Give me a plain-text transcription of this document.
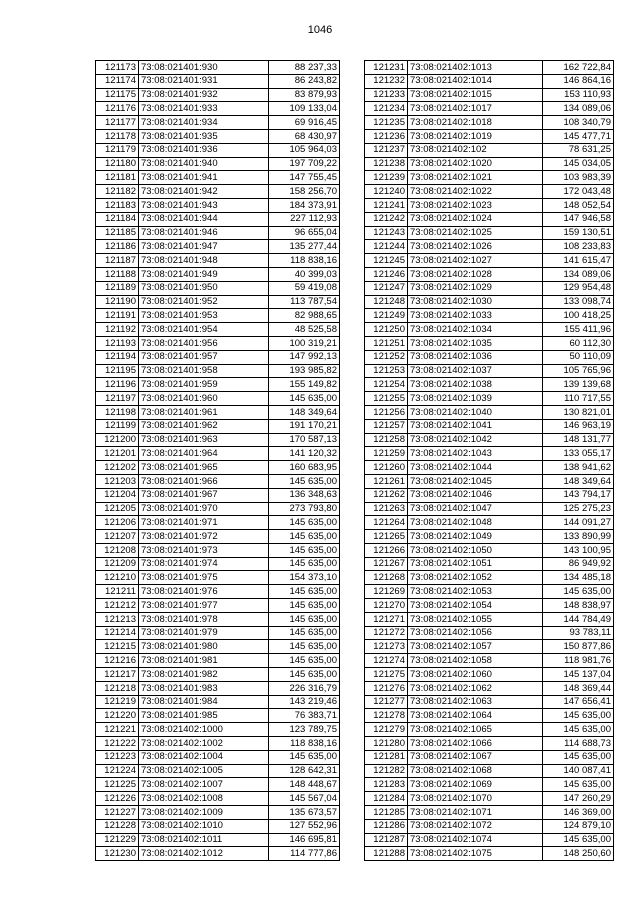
1046
121173	73:08:021401:930	88 237,33
121174	73:08:021401:931	86 243,82
121175	73:08:021401:932	83 879,93
121176	73:08:021401:933	109 133,04
121177	73:08:021401:934	69 916,45
121178	73:08:021401:935	68 430,97
121179	73:08:021401:936	105 964,03
121180	73:08:021401:940	197 709,22
121181	73:08:021401:941	147 755,45
121182	73:08:021401:942	158 256,70
121183	73:08:021401:943	184 373,91
121184	73:08:021401:944	227 112,93
121185	73:08:021401:946	96 655,04
121186	73:08:021401:947	135 277,44
121187	73:08:021401:948	118 838,16
121188	73:08:021401:949	40 399,03
121189	73:08:021401:950	59 419,08
121190	73:08:021401:952	113 787,54
121191	73:08:021401:953	82 988,65
121192	73:08:021401:954	48 525,58
121193	73:08:021401:956	100 319,21
121194	73:08:021401:957	147 992,13
121195	73:08:021401:958	193 985,82
121196	73:08:021401:959	155 149,82
121197	73:08:021401:960	145 635,00
121198	73:08:021401:961	148 349,64
121199	73:08:021401:962	191 170,21
121200	73:08:021401:963	170 587,13
121201	73:08:021401:964	141 120,32
121202	73:08:021401:965	160 683,95
121203	73:08:021401:966	145 635,00
121204	73:08:021401:967	136 348,63
121205	73:08:021401:970	273 793,80
121206	73:08:021401:971	145 635,00
121207	73:08:021401:972	145 635,00
121208	73:08:021401:973	145 635,00
121209	73:08:021401:974	145 635,00
121210	73:08:021401:975	154 373,10
121211	73:08:021401:976	145 635,00
121212	73:08:021401:977	145 635,00
121213	73:08:021401:978	145 635,00
121214	73:08:021401:979	145 635,00
121215	73:08:021401:980	145 635,00
121216	73:08:021401:981	145 635,00
121217	73:08:021401:982	145 635,00
121218	73:08:021401:983	226 316,79
121219	73:08:021401:984	143 219,46
121220	73:08:021401:985	76 383,71
121221	73:08:021402:1000	123 789,75
121222	73:08:021402:1002	118 838,16
121223	73:08:021402:1004	145 635,00
121224	73:08:021402:1005	128 642,31
121225	73:08:021402:1007	148 448,67
121226	73:08:021402:1008	145 567,04
121227	73:08:021402:1009	135 673,57
121228	73:08:021402:1010	127 552,96
121229	73:08:021402:1011	146 695,81
121230	73:08:021402:1012	114 777,86
121231	73:08:021402:1013	162 722,84
121232	73:08:021402:1014	146 864,16
121233	73:08:021402:1015	153 110,93
121234	73:08:021402:1017	134 089,06
121235	73:08:021402:1018	108 340,79
121236	73:08:021402:1019	145 477,71
121237	73:08:021402:102	78 631,25
121238	73:08:021402:1020	145 034,05
121239	73:08:021402:1021	103 983,39
121240	73:08:021402:1022	172 043,48
121241	73:08:021402:1023	148 052,54
121242	73:08:021402:1024	147 946,58
121243	73:08:021402:1025	159 130,51
121244	73:08:021402:1026	108 233,83
121245	73:08:021402:1027	141 615,47
121246	73:08:021402:1028	134 089,06
121247	73:08:021402:1029	129 954,48
121248	73:08:021402:1030	133 098,74
121249	73:08:021402:1033	100 418,25
121250	73:08:021402:1034	155 411,96
121251	73:08:021402:1035	60 112,30
121252	73:08:021402:1036	50 110,09
121253	73:08:021402:1037	105 765,96
121254	73:08:021402:1038	139 139,68
121255	73:08:021402:1039	110 717,55
121256	73:08:021402:1040	130 821,01
121257	73:08:021402:1041	146 963,19
121258	73:08:021402:1042	148 131,77
121259	73:08:021402:1043	133 055,17
121260	73:08:021402:1044	138 941,62
121261	73:08:021402:1045	148 349,64
121262	73:08:021402:1046	143 794,17
121263	73:08:021402:1047	125 275,23
121264	73:08:021402:1048	144 091,27
121265	73:08:021402:1049	133 890,99
121266	73:08:021402:1050	143 100,95
121267	73:08:021402:1051	86 949,92
121268	73:08:021402:1052	134 485,18
121269	73:08:021402:1053	145 635,00
121270	73:08:021402:1054	148 838,97
121271	73:08:021402:1055	144 784,49
121272	73:08:021402:1056	93 783,11
121273	73:08:021402:1057	150 877,86
121274	73:08:021402:1058	118 981,76
121275	73:08:021402:1060	145 137,04
121276	73:08:021402:1062	148 369,44
121277	73:08:021402:1063	147 656,41
121278	73:08:021402:1064	145 635,00
121279	73:08:021402:1065	145 635,00
121280	73:08:021402:1066	114 688,73
121281	73:08:021402:1067	145 635,00
121282	73:08:021402:1068	140 087,41
121283	73:08:021402:1069	145 635,00
121284	73:08:021402:1070	147 260,29
121285	73:08:021402:1071	146 369,00
121286	73:08:021402:1072	124 879,10
121287	73:08:021402:1074	145 635,00
121288	73:08:021402:1075	148 250,60
